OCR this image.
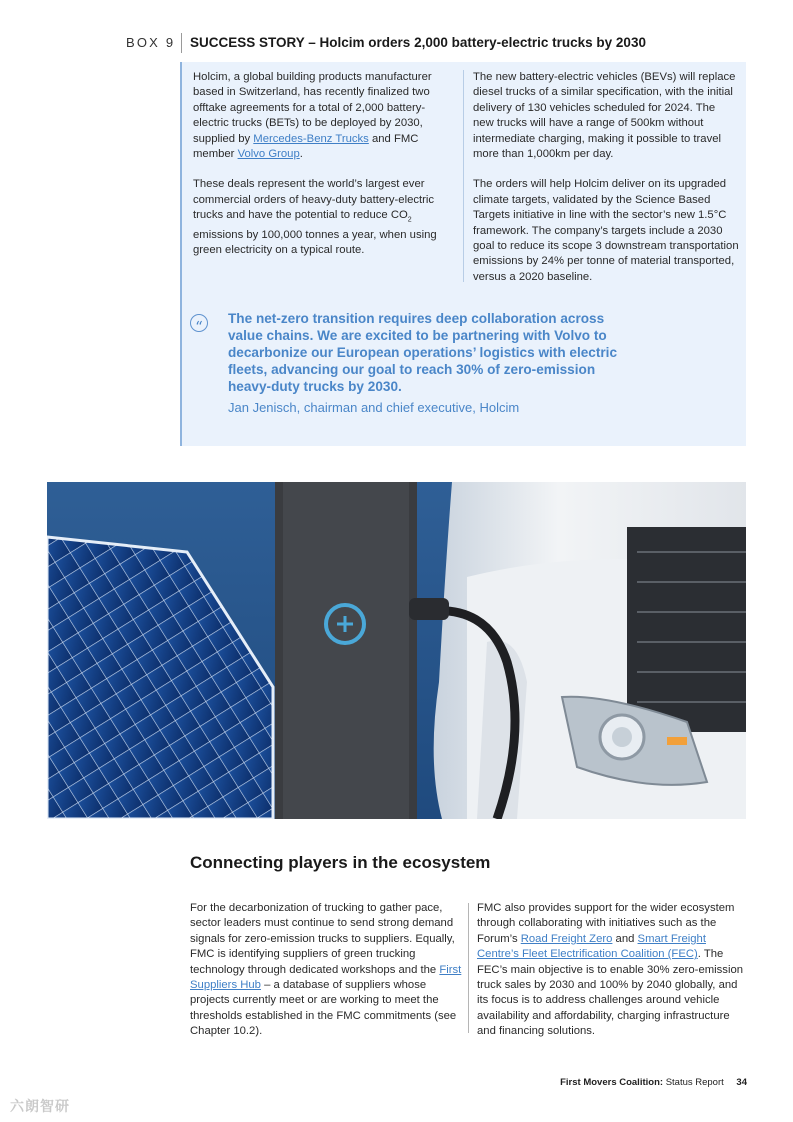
BOX 9 SUCCESS STORY – Holcim orders 2,000 battery-electric trucks by 2030

Holcim, a global building products manufacturer based in Switzerland, has recently finalized two offtake agreements for a total of 2,000 battery-electric trucks (BETs) to be deployed by 2030, supplied by Mercedes-Benz Trucks and FMC member Volvo Group.

These deals represent the world’s largest ever commercial orders of heavy-duty battery-electric trucks and have the potential to reduce $CO_2$ emissions by 100,000 tonnes a year, when using green electricity on a typical route.

The new battery-electric vehicles (BEVs) will replace diesel trucks of a similar specification, with the initial delivery of 130 vehicles scheduled for 2024. The new trucks will have a range of 500km without intermediate charging, making it possible to travel more than 1,000km per day.

The orders will help Holcim deliver on its upgraded climate targets, validated by the Science Based Targets initiative in line with the sector’s new 1.5°C framework. The company’s targets include a 2030 goal to reduce its scope 3 downstream transportation emissions by 24% per tonne of material transported, versus a 2020 baseline.

“	The net-zero transition requires deep collaboration across value chains. We are excited to be partnering with Volvo to decarbonize our European operations’ logistics with electric fleets, advancing our goal to reach 30% of zero-emission heavy-duty trucks by 2030.
Jan Jenisch, chairman and chief executive, Holcim
Connecting players in the ecosystem

For the decarbonization of trucking to gather pace, sector leaders must continue to send strong demand signals for zero-emission trucks to suppliers. Equally, FMC is identifying suppliers of green trucking technology through dedicated workshops and the First Suppliers Hub – a database of suppliers whose projects currently meet or are working to meet the thresholds established in the FMC commitments (see Chapter 10.2).

FMC also provides support for the wider ecosystem through collaborating with initiatives such as the Forum’s Road Freight Zero and Smart Freight Centre’s Fleet Electrification Coalition (FEC). The FEC’s main objective is to enable 30% zero-emission truck sales by 2030 and 100% by 2040 globally, and its focus is to address challenges around vehicle availability and affordability, charging infrastructure and financing solutions.

First Movers Coalition: Status Report 34
六朗智研
